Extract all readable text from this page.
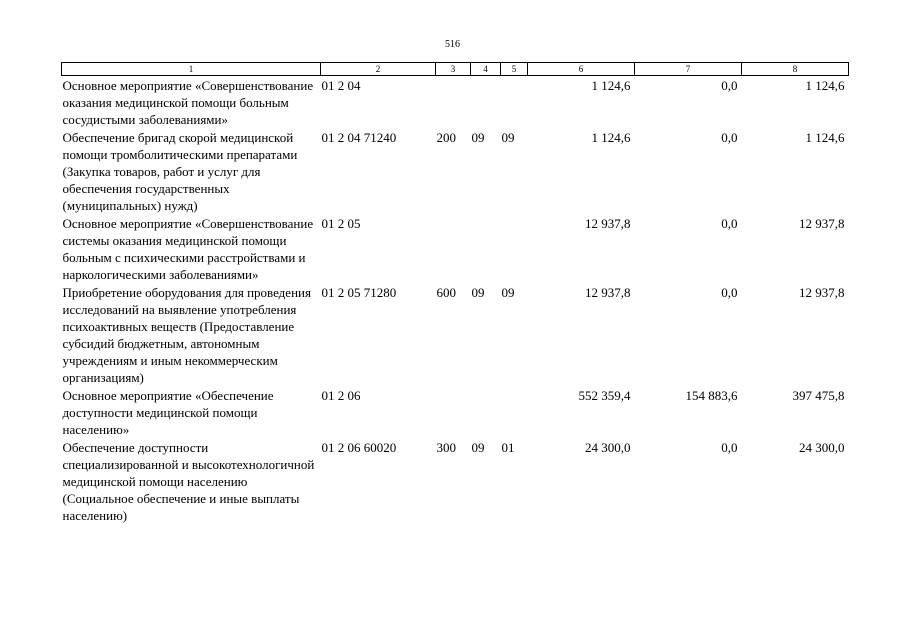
516
1	2	3	4	5	6	7	8
Основное мероприятие «Совершенствование оказания медицинской помощи больным сосудистыми заболеваниями»	01 2 04				1 124,6	0,0	1 124,6
Обеспечение бригад скорой медицинской помощи тромболитическими препаратами (Закупка товаров, работ и услуг для обеспечения государственных (муниципальных) нужд)	01 2 04 71240	200	09	09	1 124,6	0,0	1 124,6
Основное мероприятие «Совершенствование системы оказания медицинской помощи больным с психическими расстройствами и наркологическими заболеваниями»	01 2 05				12 937,8	0,0	12 937,8
Приобретение оборудования для проведения исследований на выявление употребления психоактивных веществ (Предоставление субсидий бюджетным, автономным учреждениям и иным некоммерческим организациям)	01 2 05 71280	600	09	09	12 937,8	0,0	12 937,8
Основное мероприятие «Обеспечение доступности медицинской помощи населению»	01 2 06				552 359,4	154 883,6	397 475,8
Обеспечение доступности специализированной и высокотехнологичной медицинской помощи населению (Социальное обеспечение и иные выплаты населению)	01 2 06 60020	300	09	01	24 300,0	0,0	24 300,0
